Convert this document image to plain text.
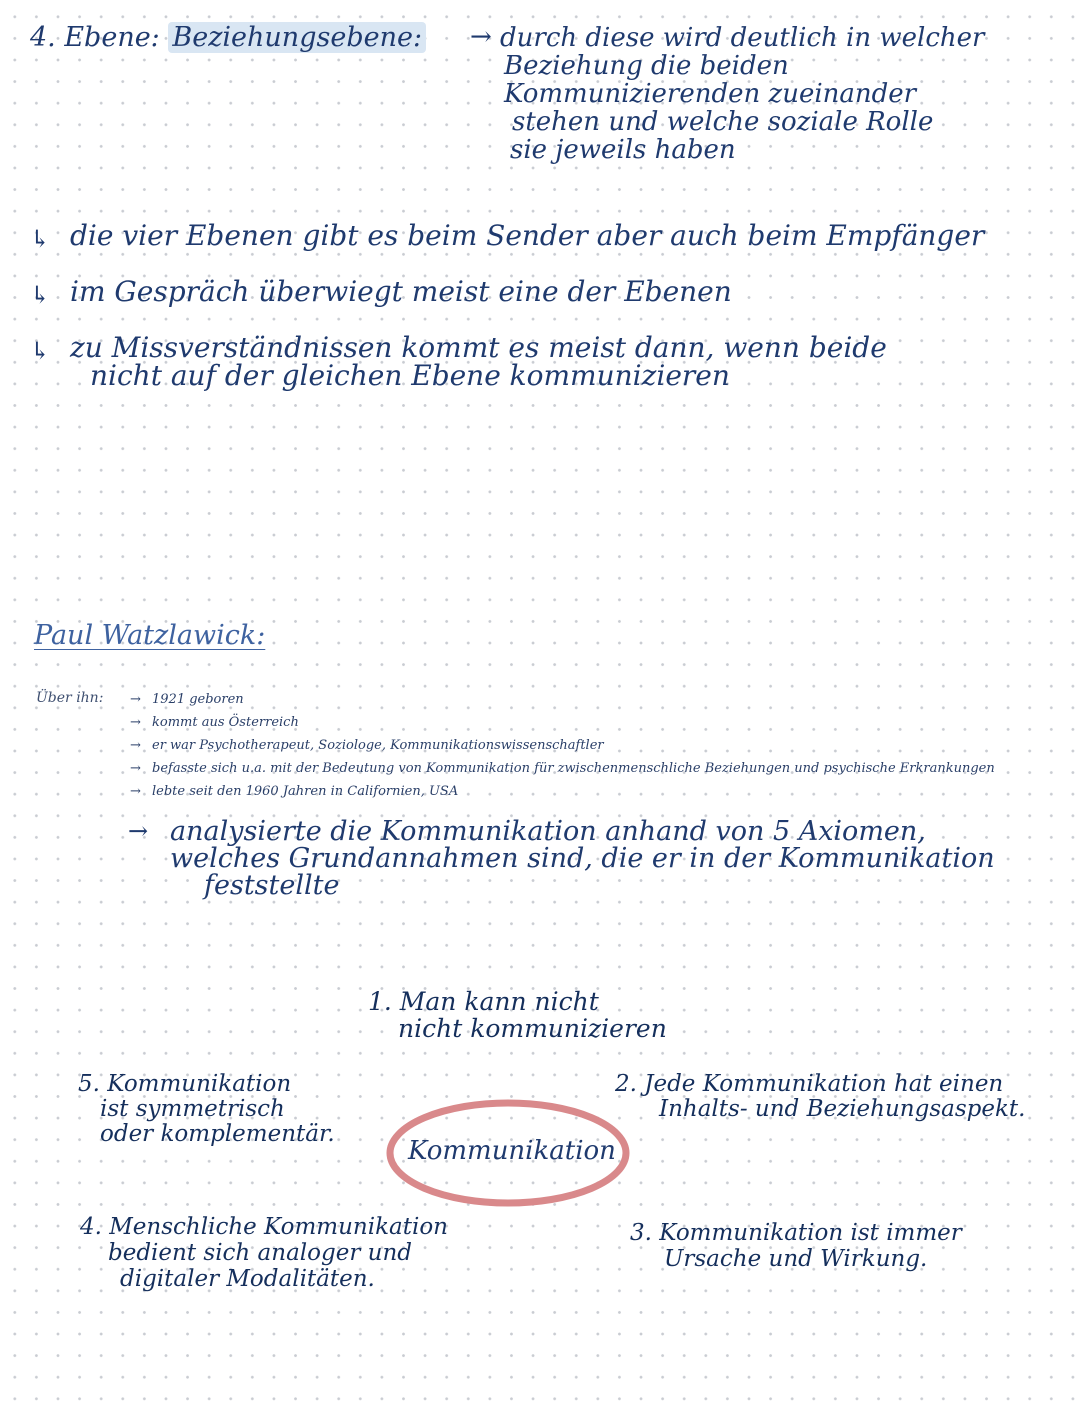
4. Ebene: Beziehungsebene: → durch diese wird deutlich in welcher
Beziehung die beiden
Kommunizierenden zueinander
stehen und welche soziale Rolle
sie jeweils haben
↳ die vier Ebenen gibt es beim Sender aber auch beim Empfänger
↳ im Gespräch überwiegt meist eine der Ebenen
↳ zu Missverständnissen kommt es meist dann, wenn beide
nicht auf der gleichen Ebene kommunizieren
Paul Watzlawick:
Über ihn: → 1921 geboren
→ kommt aus Österreich
→ er war Psychotherapeut, Soziologe, Kommunikationswissenschaftler
→ befasste sich u.a. mit der Bedeutung von Kommunikation für zwischenmenschliche Beziehungen und psychische Erkrankungen
→ lebte seit den 1960 Jahren in Californien, USA
→ analysierte die Kommunikation anhand von 5 Axiomen,
welches Grundannahmen sind, die er in der Kommunikation
feststellte
1. Man kann nicht
nicht kommunizieren
2. Jede Kommunikation hat einen
Inhalts- und Beziehungsaspekt.
3. Kommunikation ist immer
Ursache und Wirkung.
4. Menschliche Kommunikation
bedient sich analoger und
digitaler Modalitäten.
5. Kommunikation
ist symmetrisch
oder komplementär.
Kommunikation
